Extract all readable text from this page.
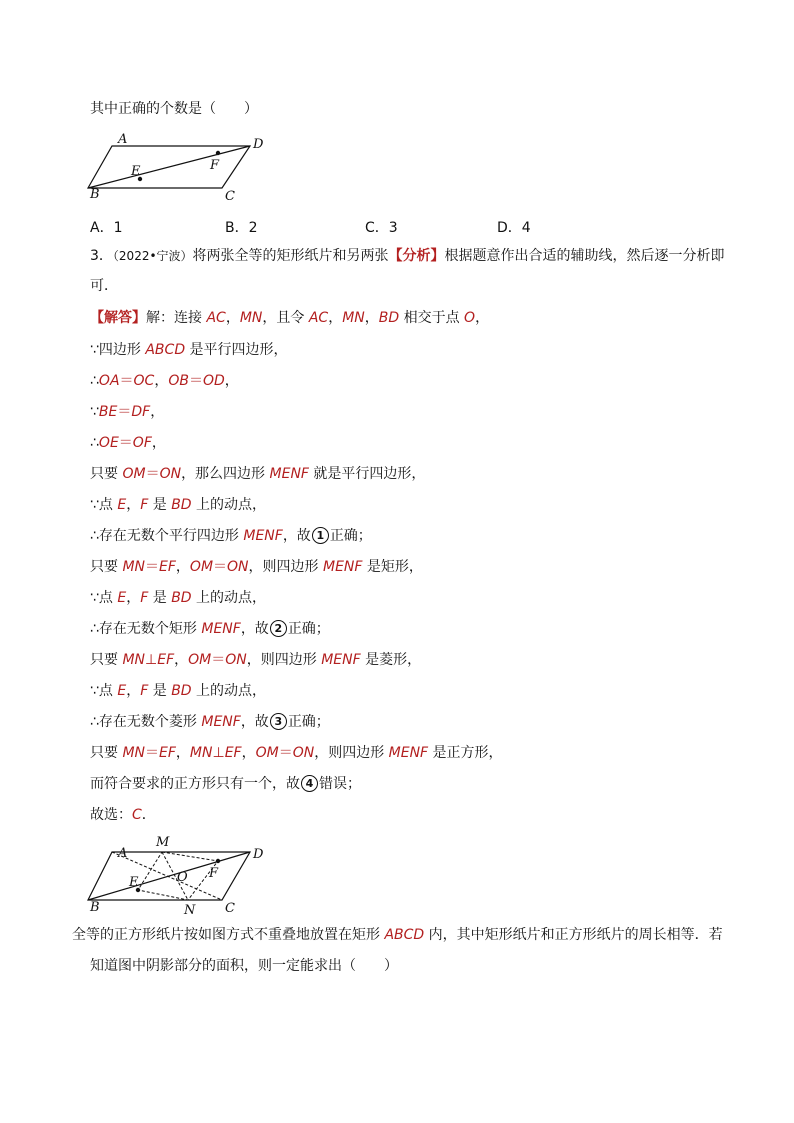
其中正确的个数是（　　）
A	D
B	C
E	F
A．1	B．2	C．3	D．4
3．（2022•宁波）将两张全等的矩形纸片和另两张【分析】根据题意作出合适的辅助线，然后逐一分析即
可．
【解答】解：连接 AC，MN，且令 AC，MN，BD 相交于点 O，
∵四边形 ABCD 是平行四边形，
∴OA＝OC，OB＝OD，
∵BE＝DF，
∴OE＝OF，
只要 OM＝ON，那么四边形 MENF 就是平行四边形，
∵点 E，F 是 BD 上的动点，
∴存在无数个平行四边形 MENF，故 1 正确；
只要 MN＝EF，OM＝ON，则四边形 MENF 是矩形，
∵点 E，F 是 BD 上的动点，
∴存在无数个矩形 MENF，故 2 正确；
只要 MN⊥EF，OM＝ON，则四边形 MENF 是菱形，
∵点 E，F 是 BD 上的动点，
∴存在无数个菱形 MENF，故 3 正确；
只要 MN＝EF，MN⊥EF，OM＝ON，则四边形 MENF 是正方形，
而符合要求的正方形只有一个，故 4 错误；
故选：C．
M
A	D
O F
E
B	N C
全等的正方形纸片按如图方式不重叠地放置在矩形 ABCD 内，其中矩形纸片和正方形纸片的周长相等．若
知道图中阴影部分的面积，则一定能求出（　　）
